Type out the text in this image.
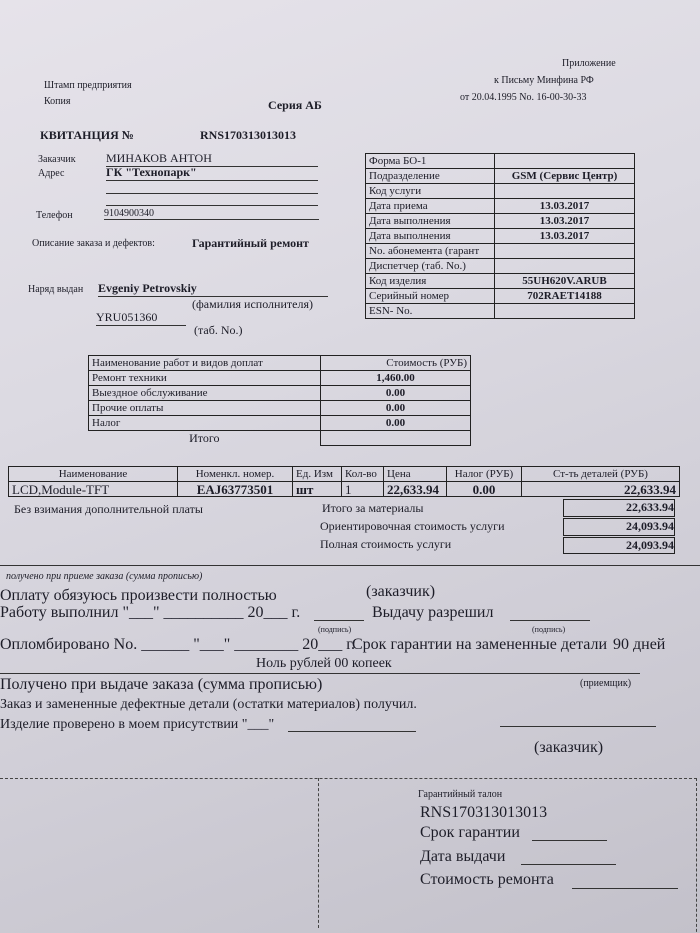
Приложение
к Письму Минфина РФ
от 20.04.1995 No. 16-00-30-33
Штамп предприятия
Копия	Серия АБ
КВИТАНЦИЯ №	RNS170313013013
Заказчик	МИНАКОВ АНТОН
Адрес	ГК "Технопарк"
Телефон	9104900340
Описание заказа и дефектов:	Гарантийный ремонт
Наряд выдан Evgeniy Petrovskiy
(фамилия исполнителя)
YRU051360
(таб. No.)
Форма БО-1	
Подразделение	GSM (Сервис Центр)
Код услуги	
Дата приема	13.03.2017
Дата выполнения	13.03.2017
Дата выполнения	13.03.2017
No. абонемента (гарант	
Диспетчер (таб. No.)	
Код изделия	55UH620V.ARUB
Серийный номер	702RAET14188
ESN- No.	
Наименование работ и видов доплат	Стоимость (РУБ)
Ремонт техники	1,460.00
Выездное обслуживание	0.00
Прочие оплаты	0.00
Налог	0.00
Итого	
Наименование	Номенкл. номер.	Ед. Изм	Кол-во	Цена	Налог (РУБ)	Ст-ть деталей (РУБ)
LCD,Module-TFT	EAJ63773501	шт	1	22,633.94	0.00	22,633.94
Без взимания дополнительной платы	Итого за материалы	22,633.94
Ориентировочная стоимость услуги	24,093.94
Полная стоимость услуги	24,093.94
получено при приеме заказа (сумма прописью)
Оплату обязуюсь произвести полностью	(заказчик)
Работу выполнил "___" __________ 20___ г.	Выдачу разрешил
(подпись)	(подпись)
Опломбировано No. ______ "___" ________ 20___ г.
Срок гарантии на замененные детали 90 дней
Ноль рублей 00 копеек
Получено при выдаче заказа (сумма прописью)	(приемщик)
Заказ и замененные дефектные детали (остатки материалов) получил.
Изделие проверено в моем присутствии "___"
(заказчик)
Гарантийный талон
RNS170313013013
Срок гарантии
Дата выдачи
Стоимость ремонта
